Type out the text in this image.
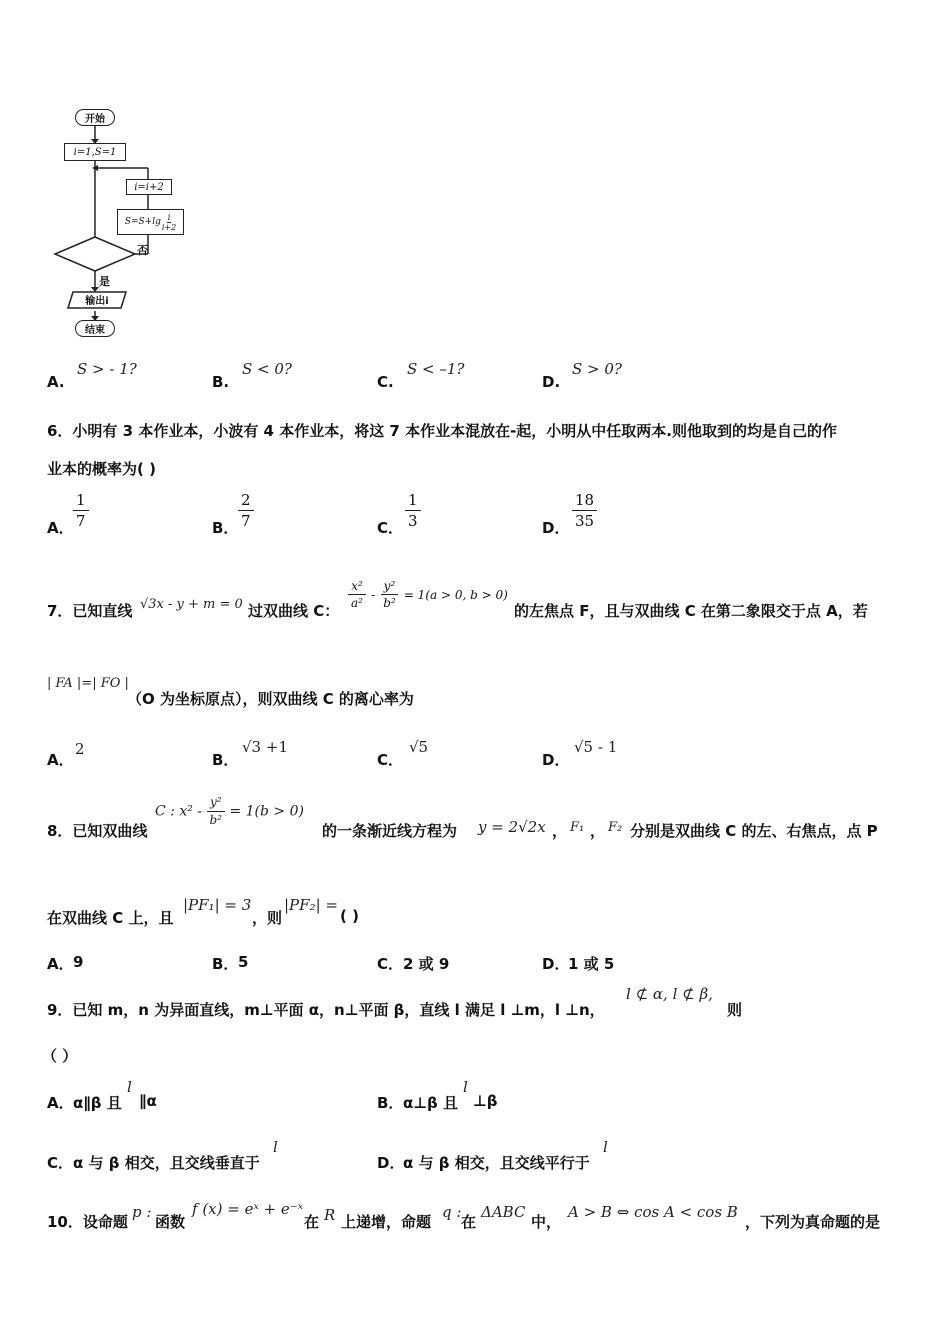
开始
i=1,S=1
i=i+2
$S=S+\lg \frac{i}{i+2}$
否
是
输出i
结束
A.
S > - 1?
B.
S < 0?
C.
S < –1?
D.
S > 0?
6．小明有 3 本作业本，小波有 4 本作业本，将这 7 本作业本混放在-起，小明从中任取两本.则他取到的均是自己的作
业本的概率为( )
A． $\frac{1}{7}$	B． $\frac{2}{7}$	C． $\frac{1}{3}$	D． $\frac{18}{35}$
7．已知直线 √3x - y + m = 0 过双曲线 C： $\frac{\text{x²}}{\text{a²}} - \frac{\text{y²}}{\text{b²}} = 1(a > 0$, b > 0)
的左焦点 F，且与双曲线 C 在第二象限交于点 A，若
| FA |=| FO |
（O 为坐标原点），则双曲线 C 的离心率为
A．
2
B．
√3 +1
C．
√5
D．
√5 - 1
8．已知双曲线
C : $x^2 - \frac{\text{y²}}{\text{b²}} = 1(b > 0)$
的一条渐近线方程为 y = 2√2x ， F₁ ， F₂ 分别是双曲线 C 的左、右焦点，点 P
在双曲线 C 上，且
|PF₁| = 3
，则
|PF₂| =
( )
A． 9	B． 5	C． 2 或 9	D．
1 或 5
9．已知 m，n 为异面直线，m⊥平面 α，n⊥平面 β，直线 l 满足 l ⊥m，l ⊥n，
l ⊄ α, l ⊄ β,
则
（ ）
A． α∥β 且
l
∥α	B． α⊥β 且
l
⊥β
C． α 与 β 相交，且交线垂直于
l
D．
α 与 β 相交，且交线平行于
l
10．设命题
p :
函数
f (x) = eˣ + e⁻ˣ
在 R 上递增，命题
q :
在
ΔABC
中，
A > B ⇔ cos A < cos B
，下列为真命题的是
